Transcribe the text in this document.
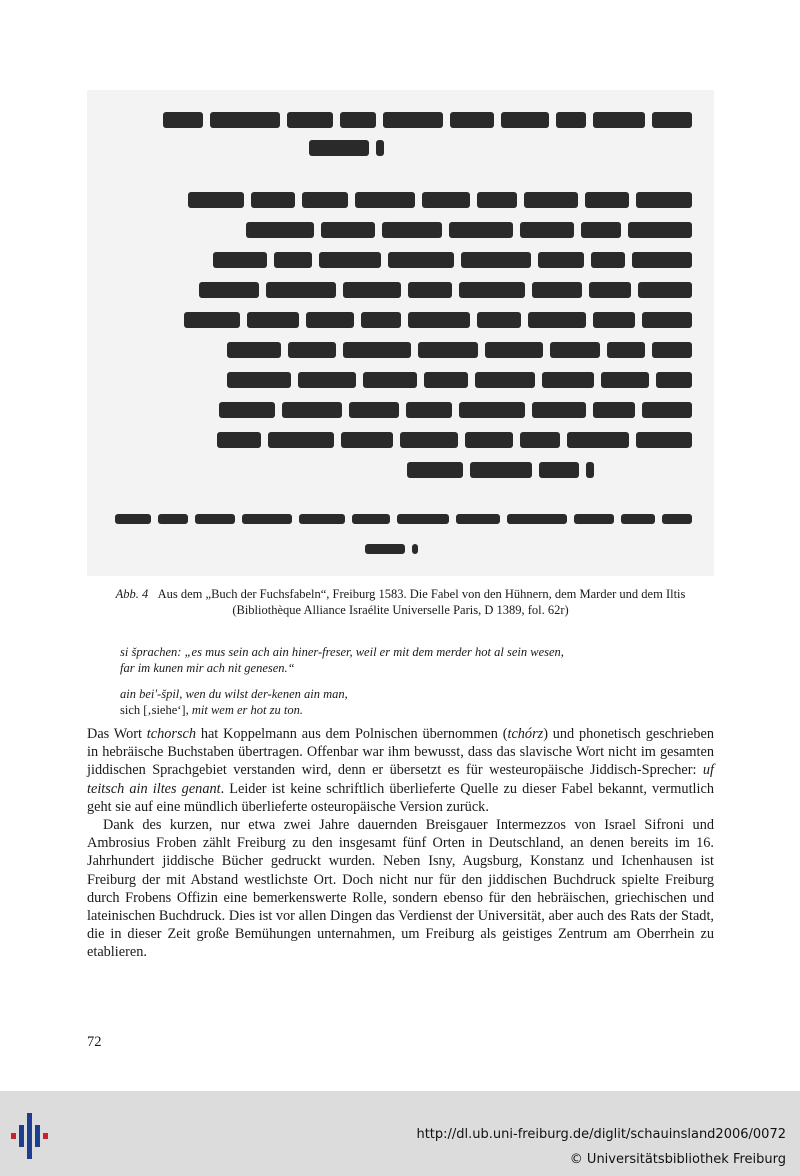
Abb. 4 Aus dem „Buch der Fuchsfabeln“, Freiburg 1583. Die Fabel von den Hühnern, dem Marder und dem Iltis
(Bibliothèque Alliance Israélite Universelle Paris, D 1389, fol. 62r)
si šprachen: „es mus sein ach ain hiner-freser, weil er mit dem merder hot al sein wesen,
far im kunen mir ach nit genesen.“
ain bei'-špil, wen du wilst der-kenen ain man,
sich [‚siehe‘], mit wem er hot zu ton.

Das Wort tchorsch hat Koppelmann aus dem Polnischen übernommen (tchórz) und phonetisch geschrieben in hebräische Buchstaben übertragen. Offenbar war ihm bewusst, dass das slavische Wort nicht im gesamten jiddischen Sprachgebiet verstanden wird, denn er übersetzt es für westeuropäische Jiddisch-Sprecher: uf teitsch ain iltes genant. Leider ist keine schriftlich überlieferte Quelle zu dieser Fabel bekannt, vermutlich geht sie auf eine mündlich überlieferte osteuropäische Version zurück.

Dank des kurzen, nur etwa zwei Jahre dauernden Breisgauer Intermezzos von Israel Sifroni und Ambrosius Froben zählt Freiburg zu den insgesamt fünf Orten in Deutschland, an denen bereits im 16. Jahrhundert jiddische Bücher gedruckt wurden. Neben Isny, Augsburg, Konstanz und Ichenhausen ist Freiburg der mit Abstand westlichste Ort. Doch nicht nur für den jiddischen Buchdruck spielte Freiburg durch Frobens Offizin eine bemerkenswerte Rolle, sondern ebenso für den hebräischen, griechischen und lateinischen Buchdruck. Dies ist vor allen Dingen das Verdienst der Universität, aber auch des Rats der Stadt, die in dieser Zeit große Bemühungen unternahmen, um Freiburg als geistiges Zentrum am Oberrhein zu etablieren.

72
http://dl.ub.uni-freiburg.de/diglit/schauinsland2006/0072
© Universitätsbibliothek Freiburg
